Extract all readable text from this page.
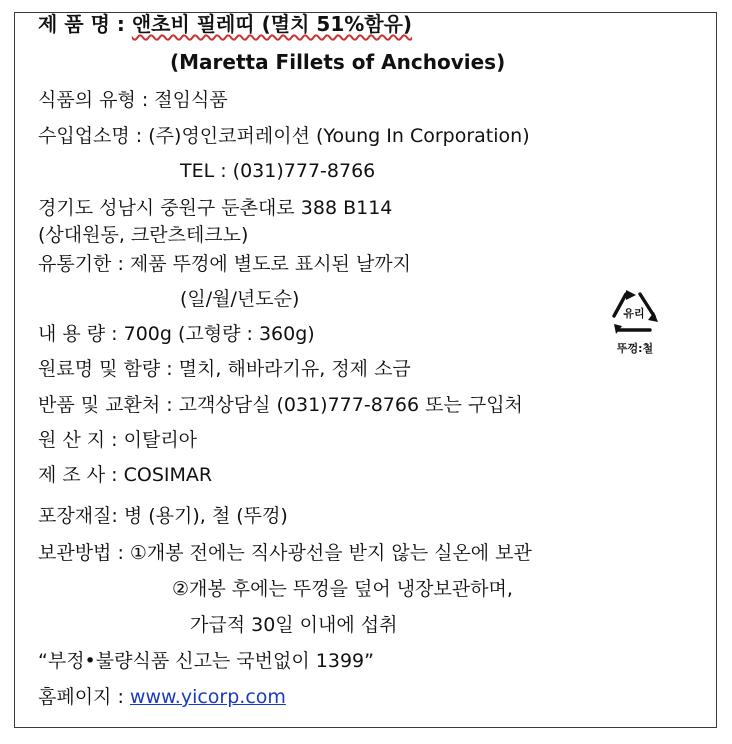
제 품 명 : 앤초비 필레띠 (멸치 51%함유)
(Maretta Fillets of Anchovies)
식품의 유형 : 절임식품
수입업소명 : (주)영인코퍼레이션 (Young In Corporation)
TEL : (031)777-8766
경기도 성남시 중원구 둔촌대로 388 B114
(상대원동, 크란츠테크노)
유통기한 : 제품 뚜껑에 별도로 표시된 날까지
(일/월/년도순)
내 용 량 : 700g (고형량 : 360g)
원료명 및 함량 : 멸치, 해바라기유, 정제 소금
반품 및 교환처 : 고객상담실 (031)777-8766 또는 구입처
원 산 지 : 이탈리아
제 조 사 : COSIMAR
포장재질: 병 (용기), 철 (뚜껑)
보관방법 : ①개봉 전에는 직사광선을 받지 않는 실온에 보관
②개봉 후에는 뚜껑을 덮어 냉장보관하며,
가급적 30일 이내에 섭취
“부정•불량식품 신고는 국번없이 1399”
홈페이지 : www.yicorp.com
유리
뚜껑:철
